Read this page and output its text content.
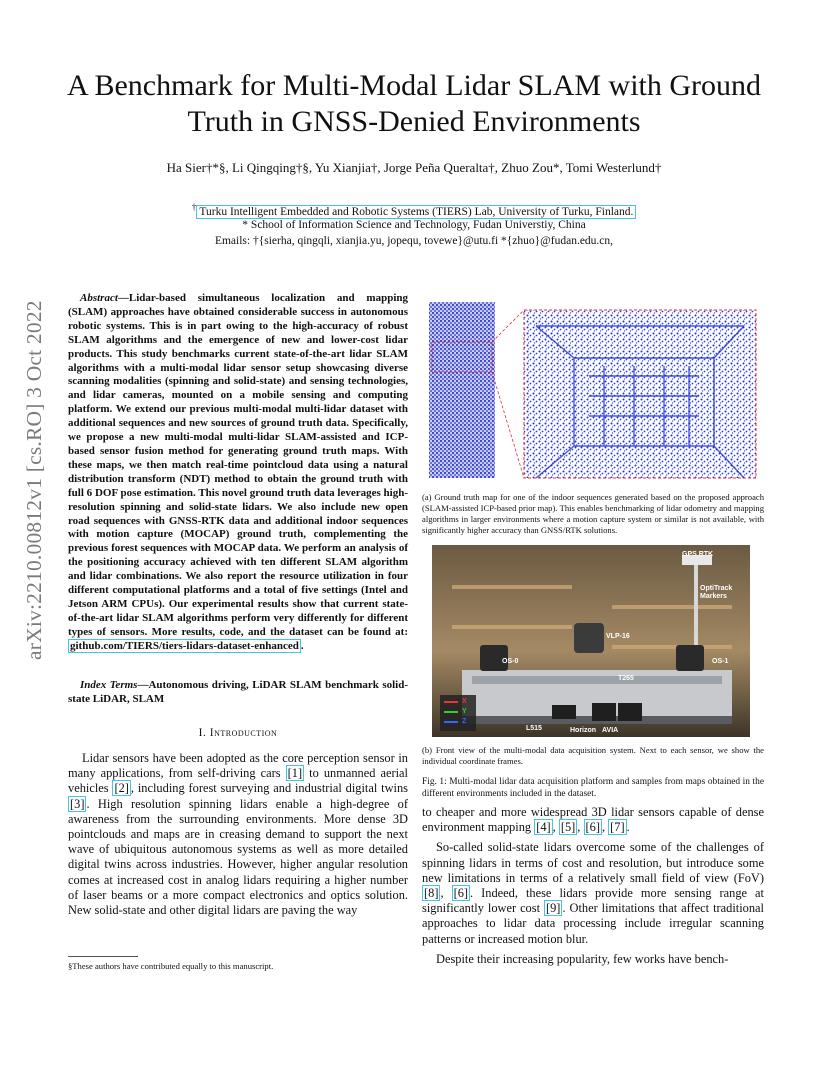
arXiv:2210.00812v1 [cs.RO] 3 Oct 2022
A Benchmark for Multi-Modal Lidar SLAM with Ground Truth in GNSS-Denied Environments
Ha Sier†*§, Li Qingqing†§, Yu Xianjia†, Jorge Peña Queralta†, Zhuo Zou*, Tomi Westerlund†
† Turku Intelligent Embedded and Robotic Systems (TIERS) Lab, University of Turku, Finland.
* School of Information Science and Technology, Fudan Universtiy, China
Emails: †{sierha, qingqli, xianjia.yu, jopequ, tovewe}@utu.fi *{zhuo}@fudan.edu.cn,
Abstract—Lidar-based simultaneous localization and mapping (SLAM) approaches have obtained considerable success in autonomous robotic systems. This is in part owing to the high-accuracy of robust SLAM algorithms and the emergence of new and lower-cost lidar products. This study benchmarks current state-of-the-art lidar SLAM algorithms with a multi-modal lidar sensor setup showcasing diverse scanning modalities (spinning and solid-state) and sensing technologies, and lidar cameras, mounted on a mobile sensing and computing platform. We extend our previous multi-modal multi-lidar dataset with additional sequences and new sources of ground truth data. Specifically, we propose a new multi-modal multi-lidar SLAM-assisted and ICP-based sensor fusion method for generating ground truth maps. With these maps, we then match real-time pointcloud data using a natural distribution transform (NDT) method to obtain the ground truth with full 6 DOF pose estimation. This novel ground truth data leverages high-resolution spinning and solid-state lidars. We also include new open road sequences with GNSS-RTK data and additional indoor sequences with motion capture (MOCAP) ground truth, complementing the previous forest sequences with MOCAP data. We perform an analysis of the positioning accuracy achieved with ten different SLAM algorithm and lidar combinations. We also report the resource utilization in four different computational platforms and a total of five settings (Intel and Jetson ARM CPUs). Our experimental results show that current state-of-the-art lidar SLAM algorithms perform very differently for different types of sensors. More results, code, and the dataset can be found at: github.com/TIERS/tiers-lidars-dataset-enhanced .
Index Terms—Autonomous driving, LiDAR SLAM benchmark solid-state LiDAR, SLAM
I. Introduction

Lidar sensors have been adopted as the core perception sensor in many applications, from self-driving cars [1] to unmanned aerial vehicles [2] , including forest surveying and industrial digital twins [3] . High resolution spinning lidars enable a high-degree of awareness from the surrounding environments. More dense 3D pointclouds and maps are in creasing demand to support the next wave of ubiquitous autonomous systems as well as more detailed digital twins across industries. However, higher angular resolution comes at increased cost in analog lidars requiring a higher number of laser beams or a more compact electronics and optics solution. New solid-state and other digital lidars are paving the way

§These authors have contributed equally to this manuscript.
(a) Ground truth map for one of the indoor sequences generated based on the proposed approach (SLAM-assisted ICP-based prior map). This enables benchmarking of lidar odometry and mapping algorithms in larger environments where a motion capture system or similar is not available, with significantly higher accuracy than GNSS/RTK solutions.
GPS RTK
OptiTrack
Markers
VLP-16
OS-0	OS-1
T265
L515	Horizon AVIA
X
Y
Z
(b) Front view of the multi-modal data acquisition system. Next to each sensor, we show the individual coordinate frames.
Fig. 1: Multi-modal lidar data acquisition platform and samples from maps obtained in the different environments included in the dataset.

to cheaper and more widespread 3D lidar sensors capable of dense environment mapping [4] , [5] , [6] , [7] .

So-called solid-state lidars overcome some of the challenges of spinning lidars in terms of cost and resolution, but introduce some new limitations in terms of a relatively small field of view (FoV) [8] , [6] . Indeed, these lidars provide more sensing range at significantly lower cost [9] . Other limitations that affect traditional approaches to lidar data processing include irregular scanning patterns or increased motion blur.

Despite their increasing popularity, few works have bench-
